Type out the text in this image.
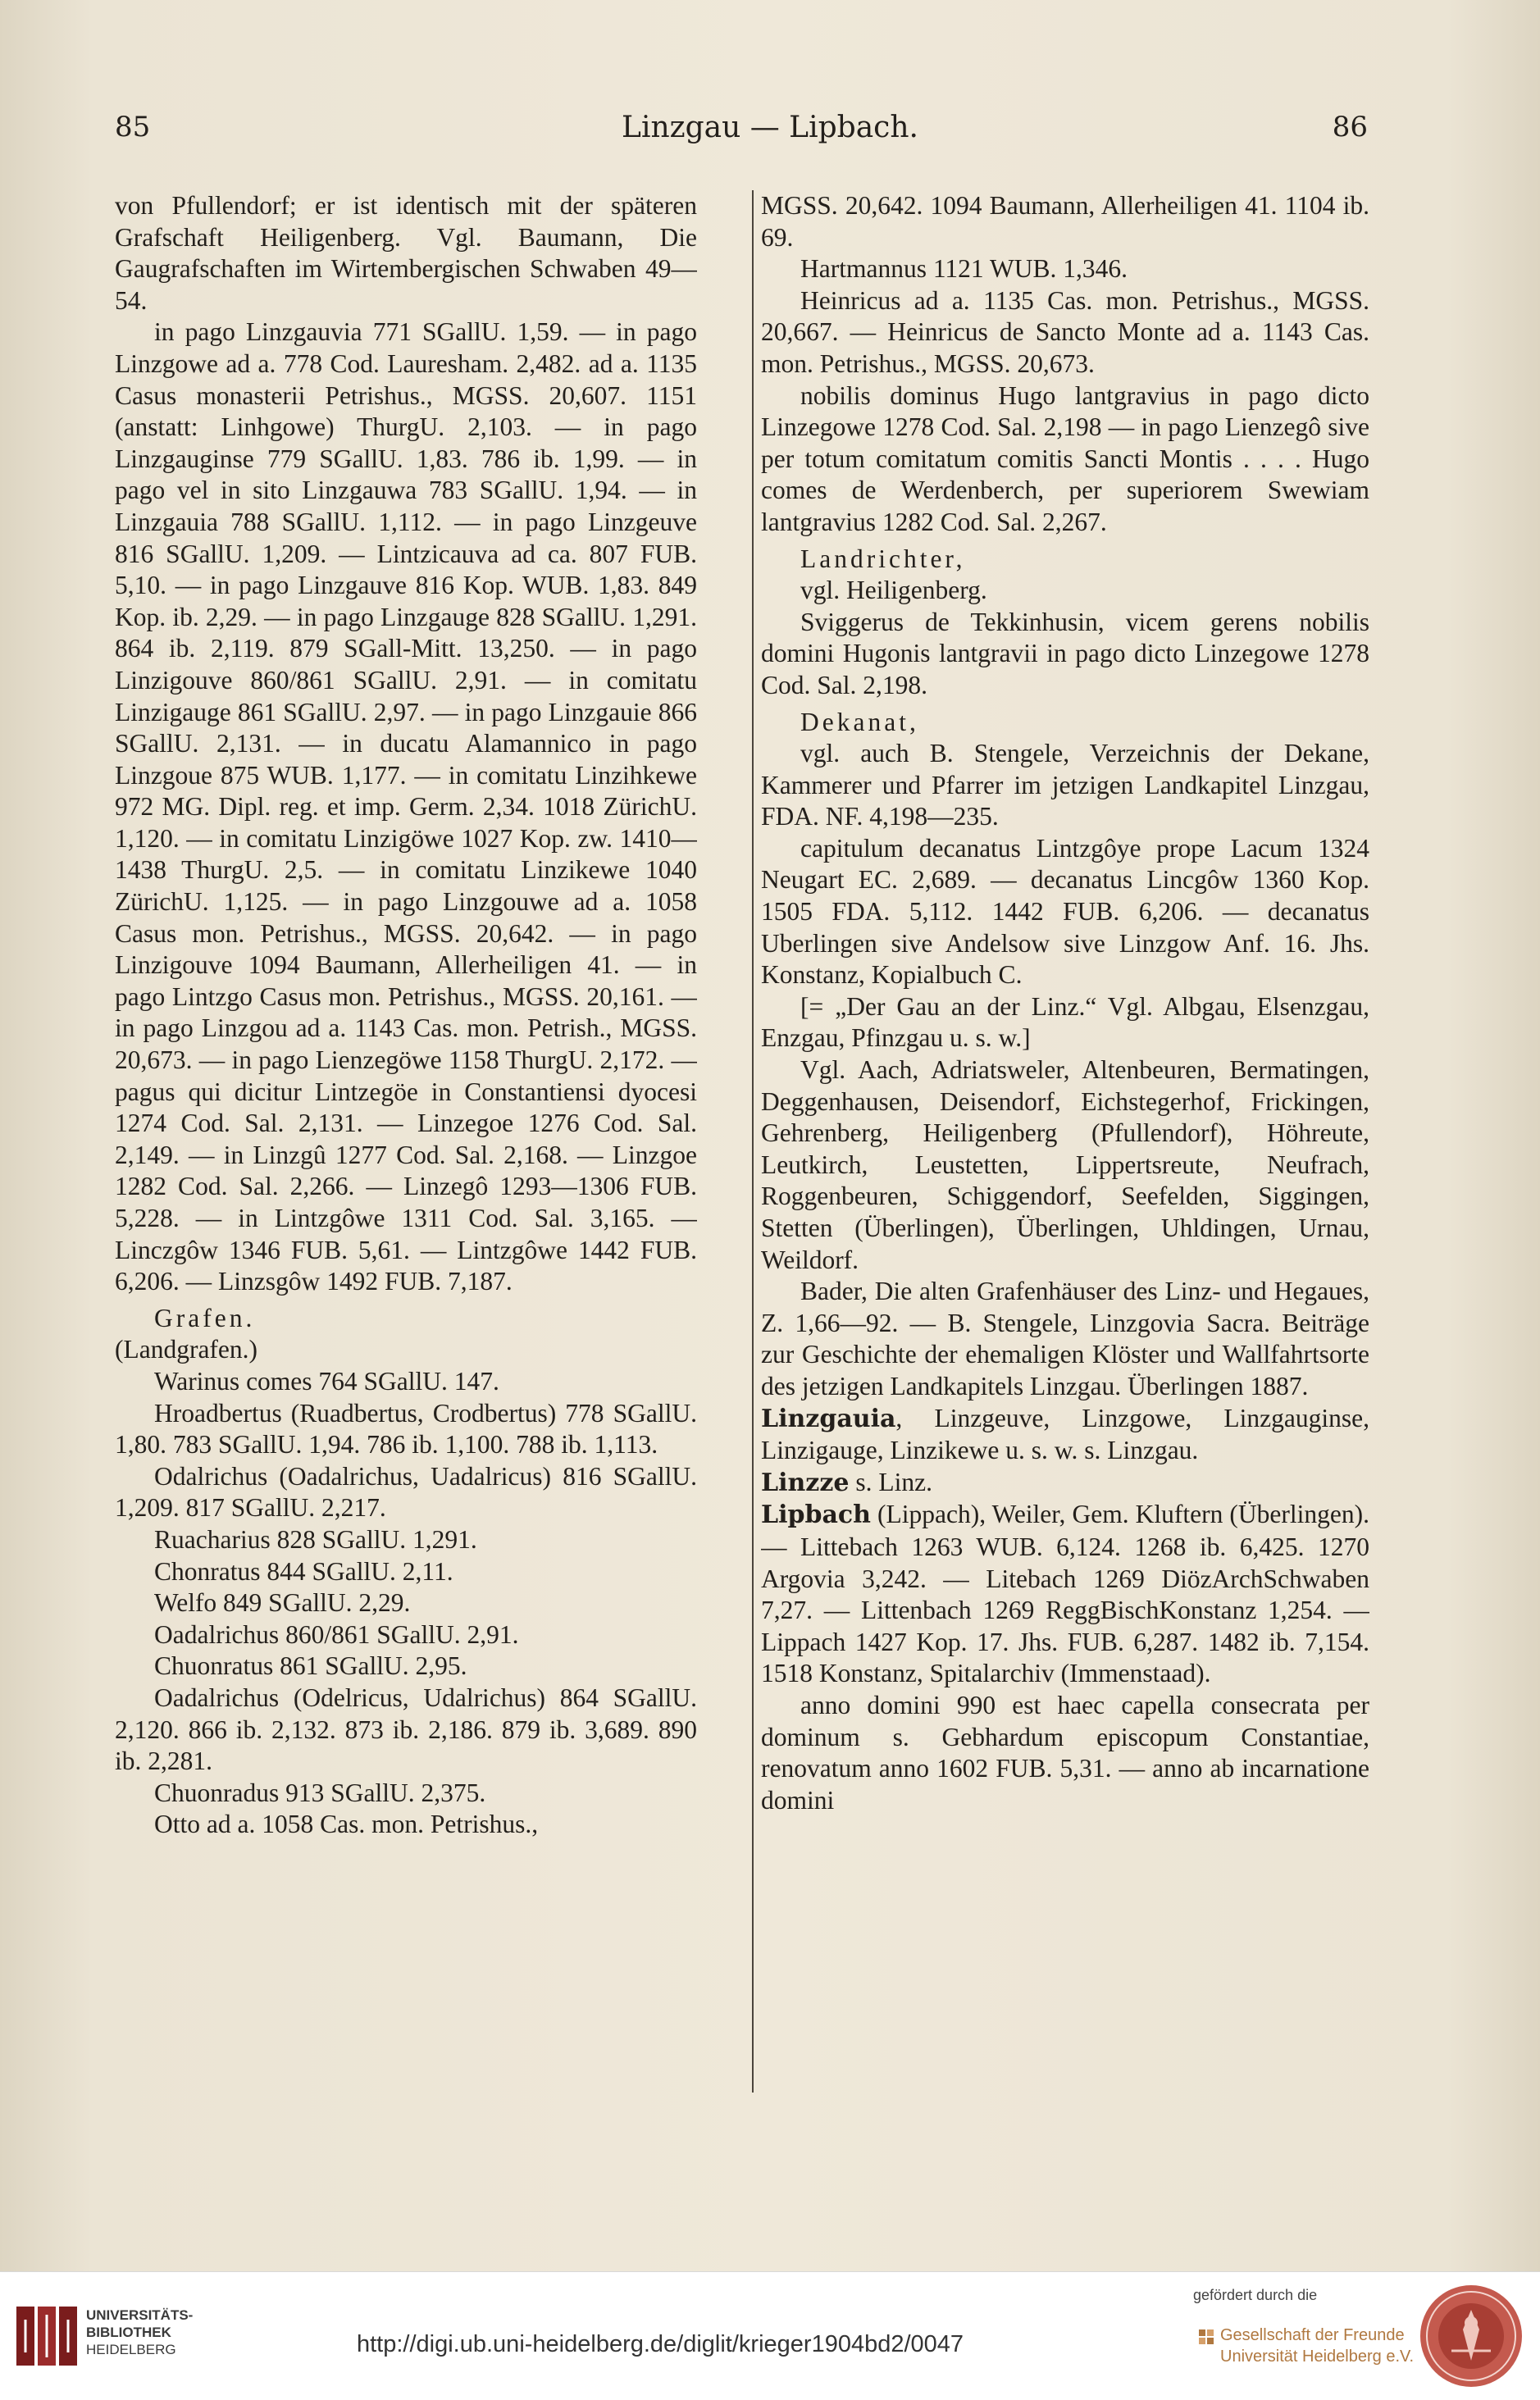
85	Linzgau — Lipbach.	86

von Pfullendorf; er ist identisch mit der späteren Grafschaft Heiligenberg. Vgl. Baumann, Die Gaugrafschaften im Wirtembergischen Schwaben 49—54.

in pago Linzgauvia 771 SGallU. 1,59. — in pago Linzgowe ad a. 778 Cod. Lauresham. 2,482. ad a. 1135 Casus monasterii Petrishus., MGSS. 20,607. 1151 (anstatt: Linhgowe) ThurgU. 2,103. — in pago Linzgauginse 779 SGallU. 1,83. 786 ib. 1,99. — in pago vel in sito Linzgauwa 783 SGallU. 1,94. — in Linzgauia 788 SGallU. 1,112. — in pago Linzgeuve 816 SGallU. 1,209. — Lintzicauva ad ca. 807 FUB. 5,10. — in pago Linzgauve 816 Kop. WUB. 1,83. 849 Kop. ib. 2,29. — in pago Linzgauge 828 SGallU. 1,291. 864 ib. 2,119. 879 SGall-Mitt. 13,250. — in pago Linzigouve 860/861 SGallU. 2,91. — in comitatu Linzigauge 861 SGallU. 2,97. — in pago Linzgauie 866 SGallU. 2,131. — in ducatu Alamannico in pago Linzgoue 875 WUB. 1,177. — in comitatu Linzihkewe 972 MG. Dipl. reg. et imp. Germ. 2,34. 1018 ZürichU. 1,120. — in comitatu Linzigöwe 1027 Kop. zw. 1410—1438 ThurgU. 2,5. — in comitatu Linzikewe 1040 ZürichU. 1,125. — in pago Linzgouwe ad a. 1058 Casus mon. Petrishus., MGSS. 20,642. — in pago Linzigouve 1094 Baumann, Allerheiligen 41. — in pago Lintzgo Casus mon. Petrishus., MGSS. 20,161. — in pago Linzgou ad a. 1143 Cas. mon. Petrish., MGSS. 20,673. — in pago Lienzegöwe 1158 ThurgU. 2,172. — pagus qui dicitur Lintzegöe in Constantiensi dyocesi 1274 Cod. Sal. 2,131. — Linzegoe 1276 Cod. Sal. 2,149. — in Linzgû 1277 Cod. Sal. 2,168. — Linzgoe 1282 Cod. Sal. 2,266. — Linzegô 1293—1306 FUB. 5,228. — in Lintzgôwe 1311 Cod. Sal. 3,165. — Linczgôw 1346 FUB. 5,61. — Lintzgôwe 1442 FUB. 6,206. — Linzsgôw 1492 FUB. 7,187.

Grafen.

(Landgrafen.)

Warinus comes 764 SGallU. 147.

Hroadbertus (Ruadbertus, Crodbertus) 778 SGallU. 1,80. 783 SGallU. 1,94. 786 ib. 1,100. 788 ib. 1,113.

Odalrichus (Oadalrichus, Uadalricus) 816 SGallU. 1,209. 817 SGallU. 2,217.

Ruacharius 828 SGallU. 1,291.

Chonratus 844 SGallU. 2,11.

Welfo 849 SGallU. 2,29.

Oadalrichus 860/861 SGallU. 2,91.

Chuonratus 861 SGallU. 2,95.

Oadalrichus (Odelricus, Udalrichus) 864 SGallU. 2,120. 866 ib. 2,132. 873 ib. 2,186. 879 ib. 3,689. 890 ib. 2,281.

Chuonradus 913 SGallU. 2,375.

Otto ad a. 1058 Cas. mon. Petrishus.,

MGSS. 20,642. 1094 Baumann, Allerheiligen 41. 1104 ib. 69.

Hartmannus 1121 WUB. 1,346.

Heinricus ad a. 1135 Cas. mon. Petrishus., MGSS. 20,667. — Heinricus de Sancto Monte ad a. 1143 Cas. mon. Petrishus., MGSS. 20,673.

nobilis dominus Hugo lantgravius in pago dicto Linzegowe 1278 Cod. Sal. 2,198 — in pago Lienzegô sive per totum comitatum comitis Sancti Montis . . . . Hugo comes de Werdenberch, per superiorem Swewiam lantgravius 1282 Cod. Sal. 2,267.

Landrichter,

vgl. Heiligenberg.

Sviggerus de Tekkinhusin, vicem gerens nobilis domini Hugonis lantgravii in pago dicto Linzegowe 1278 Cod. Sal. 2,198.

Dekanat,

vgl. auch B. Stengele, Verzeichnis der Dekane, Kammerer und Pfarrer im jetzigen Landkapitel Linzgau, FDA. NF. 4,198—235.

capitulum decanatus Lintzgôye prope Lacum 1324 Neugart EC. 2,689. — decanatus Lincgôw 1360 Kop. 1505 FDA. 5,112. 1442 FUB. 6,206. — decanatus Uberlingen sive Andelsow sive Linzgow Anf. 16. Jhs. Konstanz, Kopialbuch C.

[= „Der Gau an der Linz.“ Vgl. Albgau, Elsenzgau, Enzgau, Pfinzgau u. s. w.]

Vgl. Aach, Adriatsweler, Altenbeuren, Bermatingen, Deggenhausen, Deisendorf, Eichstegerhof, Frickingen, Gehrenberg, Heiligenberg (Pfullendorf), Höhreute, Leutkirch, Leustetten, Lippertsreute, Neufrach, Roggenbeuren, Schiggendorf, Seefelden, Siggingen, Stetten (Überlingen), Überlingen, Uhldingen, Urnau, Weildorf.

Bader, Die alten Grafenhäuser des Linz- und Hegaues, Z. 1,66—92. — B. Stengele, Linzgovia Sacra. Beiträge zur Geschichte der ehemaligen Klöster und Wallfahrtsorte des jetzigen Landkapitels Linzgau. Überlingen 1887.

Linzgauia, Linzgeuve, Linzgowe, Linzgauginse, Linzigauge, Linzikewe u. s. w. s. Linzgau.

Linzze s. Linz.

Lipbach (Lippach), Weiler, Gem. Kluftern (Überlingen). — Littebach 1263 WUB. 6,124. 1268 ib. 6,425. 1270 Argovia 3,242. — Litebach 1269 DiözArchSchwaben 7,27. — Littenbach 1269 ReggBischKonstanz 1,254. — Lippach 1427 Kop. 17. Jhs. FUB. 6,287. 1482 ib. 7,154. 1518 Konstanz, Spitalarchiv (Immenstaad).

anno domini 990 est haec capella consecrata per dominum s. Gebhardum episcopum Constantiae, renovatum anno 1602 FUB. 5,31. — anno ab incarnatione domini

UNIVERSITÄTS-
BIBLIOTHEK
HEIDELBERG	http://digi.ub.uni-heidelberg.de/diglit/krieger1904bd2/0047
gefördert durch die
Gesellschaft der Freunde
Universität Heidelberg e.V.
